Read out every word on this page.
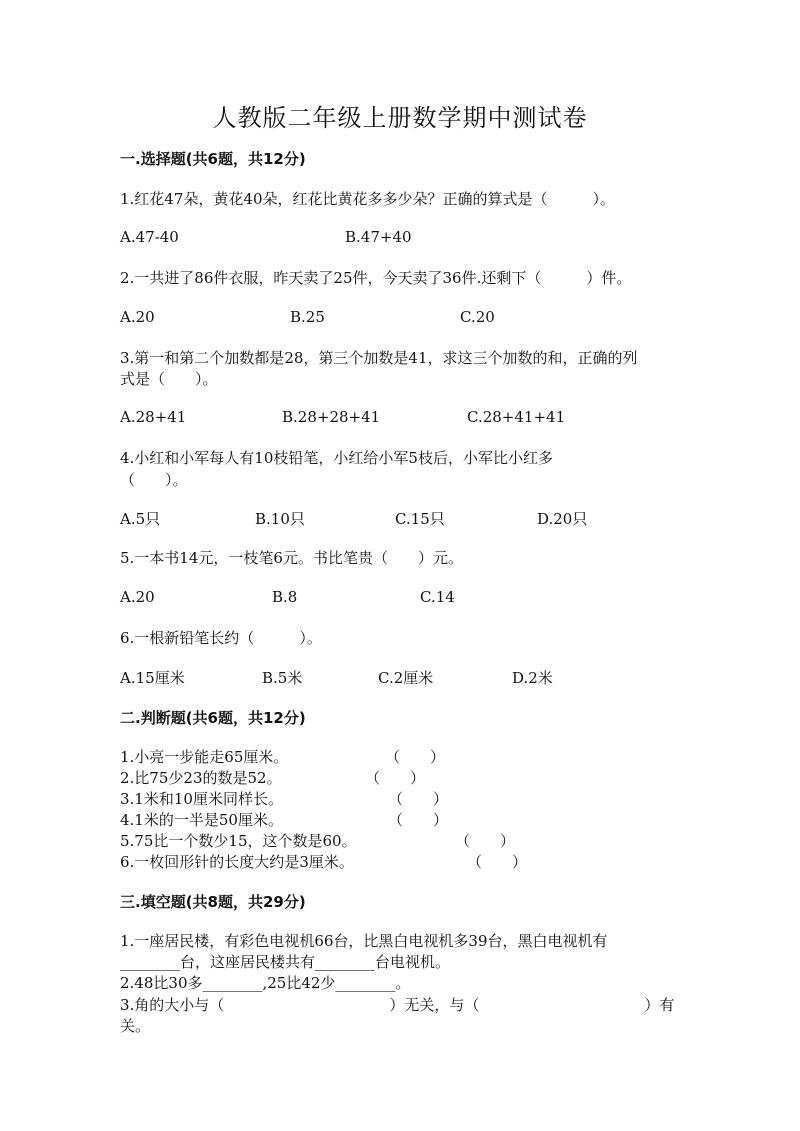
人教版二年级上册数学期中测试卷
一.选择题(共6题，共12分)
1.红花47朵，黄花40朵，红花比黄花多多少朵？正确的算式是（　　　）。
A.47-40	B.47+40
2.一共进了86件衣服，昨天卖了25件，今天卖了36件.还剩下（　　　）件。
A.20	B.25	C.20
3.第一和第二个加数都是28，第三个加数是41，求这三个加数的和，正确的列
式是（　　）。
A.28+41	B.28+28+41	C.28+41+41
4.小红和小军每人有10枝铅笔，小红给小军5枝后，小军比小红多
（　　）。
A.5只	B.10只	C.15只	D.20只
5.一本书14元，一枝笔6元。书比笔贵（　　）元。
A.20	B.8	C.14
6.一根新铅笔长约（　　　）。
A.15厘米	B.5米	C.2厘米	D.2米
二.判断题(共6题，共12分)
1.小亮一步能走65厘米。	（　　）
2.比75少23的数是52。	（　　）
3.1米和10厘米同样长。	（　　）
4.1米的一半是50厘米。	（　　）
5.75比一个数少15，这个数是60。	（　　）
6.一枚回形针的长度大约是3厘米。	（　　）
三.填空题(共8题，共29分)
1.一座居民楼，有彩色电视机66台，比黑白电视机多39台，黑白电视机有
________台，这座居民楼共有________台电视机。
2.48比30多________,25比42少________。
3.角的大小与（　　　　　　　　　　　）无关，与（　　　　　　　　　　　）有
关。
